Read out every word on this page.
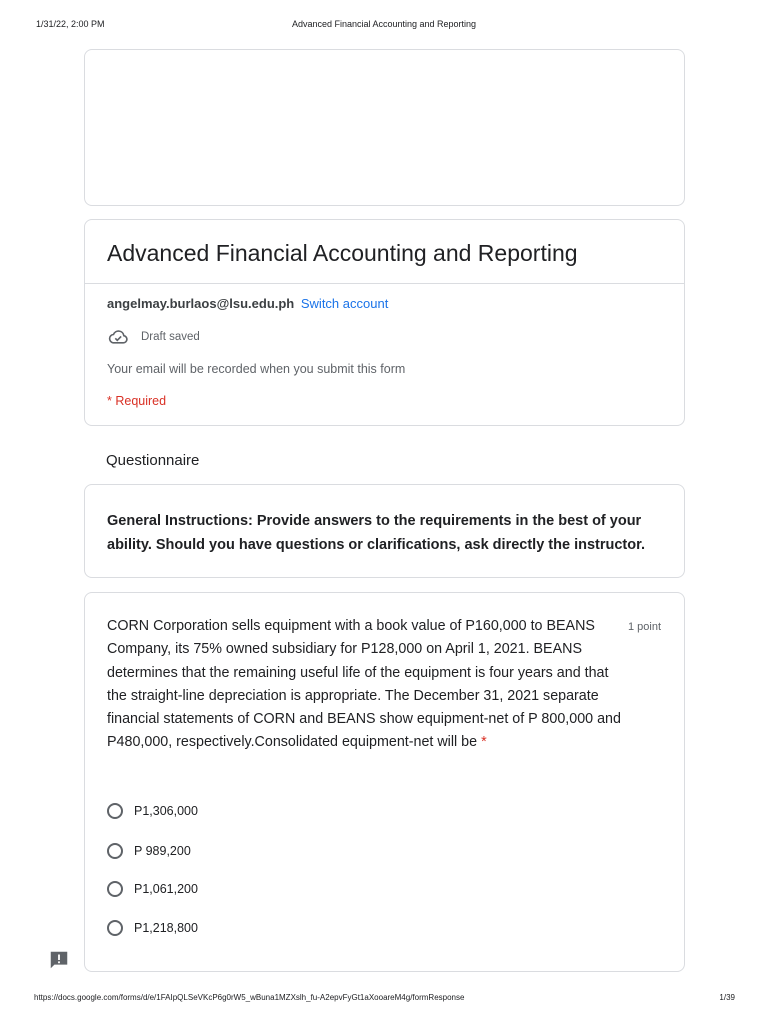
1/31/22, 2:00 PM	Advanced Financial Accounting and Reporting
Advanced Financial Accounting and Reporting
angelmay.burlaos@lsu.edu.ph Switch account
Draft saved
Your email will be recorded when you submit this form
* Required
Questionnaire
General Instructions: Provide answers to the requirements in the best of your ability. Should you have questions or clarifications, ask directly the instructor.
CORN Corporation sells equipment with a book value of P160,000 to BEANS Company, its 75% owned subsidiary for P128,000 on April 1, 2021. BEANS determines that the remaining useful life of the equipment is four years and that the straight-line depreciation is appropriate. The December 31, 2021 separate financial statements of CORN and BEANS show equipment-net of P 800,000 and P480,000, respectively.Consolidated equipment-net will be *
1 point
P1,306,000
P 989,200
P1,061,200
P1,218,800
https://docs.google.com/forms/d/e/1FAIpQLSeVKcP6g0rW5_wBuna1MZXslh_fu-A2epvFyGt1aXooareM4g/formResponse	1/39
